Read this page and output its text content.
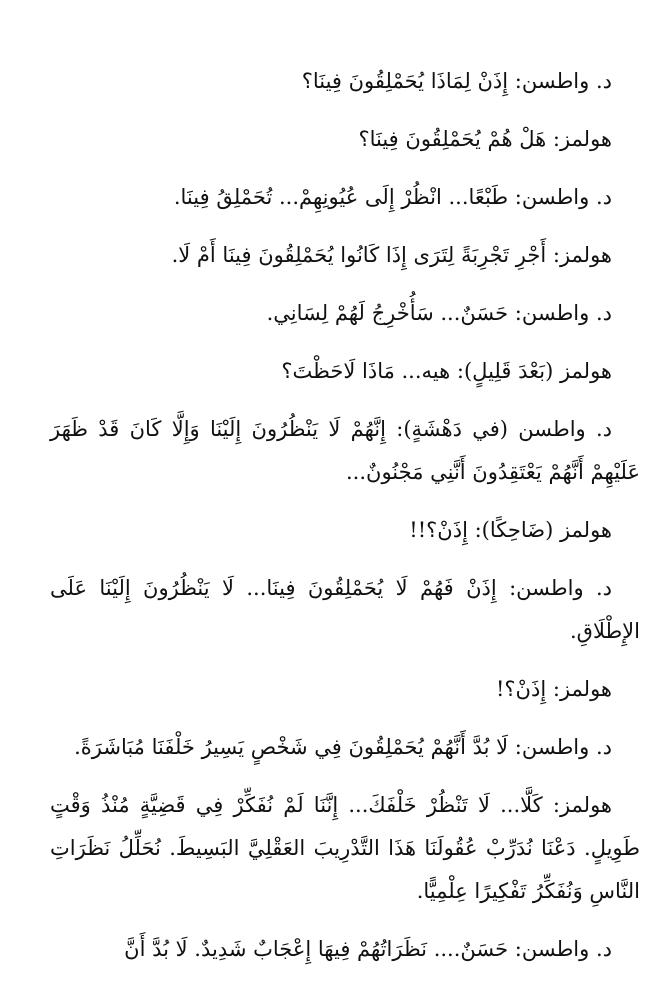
د. واطسن: إِذَنْ لِمَاذَا يُحَمْلِقُونَ فِينَا؟

هولمز: هَلْ هُمْ يُحَمْلِقُونَ فِينَا؟

د. واطسن: طَبْعًا... انْظُرْ إِلَى عُيُونِهِمْ... تُحَمْلِقُ فِينَا.

هولمز: أَجْرِ تَجْرِبَةً لِتَرَى إِذَا كَانُوا يُحَمْلِقُونَ فِينَا أَمْ لَا.

د. واطسن: حَسَنٌ... سَأُخْرِجُ لَهُمْ لِسَانِي.

هولمز (بَعْدَ قَلِيلٍ): هيه... مَاذَا لَاحَظْتَ؟

د. واطسن (في دَهْشَةٍ): إِنَّهُمْ لَا يَنْظُرُونَ إِلَيْنَا وَإِلَّا كَانَ قَدْ ظَهَرَ عَلَيْهِمْ أَنَّهُمْ يَعْتَقِدُونَ أَنَّنِي مَجْنُونٌ...

هولمز (ضَاحِكًا): إِذَنْ؟!!

د. واطسن: إِذَنْ فَهُمْ لَا يُحَمْلِقُونَ فِينَا... لَا يَنْظُرُونَ إِلَيْنَا عَلَى الإِطْلَاقِ.

هولمز: إِذَنْ؟!

د. واطسن: لَا بُدَّ أَنَّهُمْ يُحَمْلِقُونَ فِي شَخْصٍ يَسِيرُ خَلْفَنَا مُبَاشَرَةً.

هولمز: كَلَّا... لَا تَنْظُرْ خَلْفَكَ... إِنَّنَا لَمْ نُفَكِّرْ فِي قَضِيَّةٍ مُنْذُ وَقْتٍ طَوِيلٍ. دَعْنَا نُدَرِّبْ عُقُولَنَا هَذَا التَّدْرِيبَ العَقْلِيَّ البَسِيطَ. نُحَلِّلُ نَظَرَاتِ النَّاسِ وَنُفَكِّرُ تَفْكِيرًا عِلْمِيًّا.

د. واطسن: حَسَنٌ.... نَظَرَاتُهُمْ فِيهَا إِعْجَابٌ شَدِيدٌ. لَا بُدَّ أَنَّ
